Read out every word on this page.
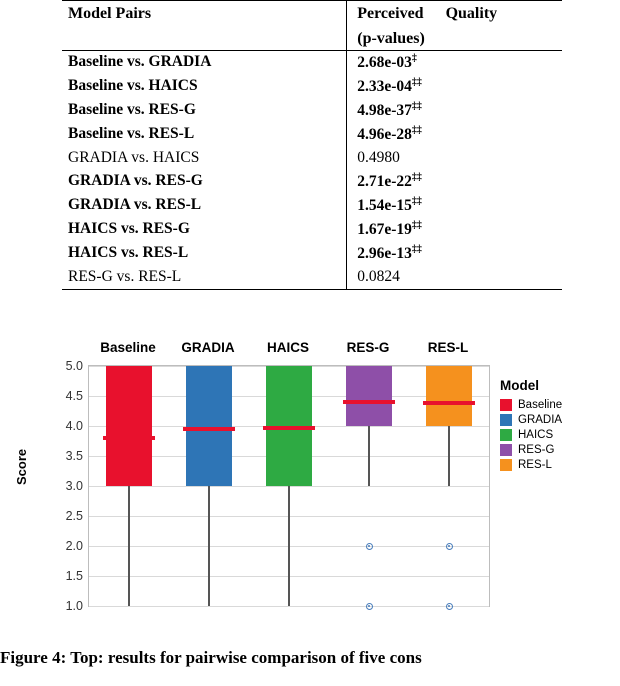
Model Pairs	Perceived Quality
	(p-values)
Baseline vs. GRADIA	2.68e-03‡
Baseline vs. HAICS	2.33e-04‡‡
Baseline vs. RES-G	4.98e-37‡‡
Baseline vs. RES-L	4.96e-28‡‡
GRADIA vs. HAICS	0.4980
GRADIA vs. RES-G	2.71e-22‡‡
GRADIA vs. RES-L	1.54e-15‡‡
HAICS vs. RES-G	1.67e-19‡‡
HAICS vs. RES-L	2.96e-13‡‡
RES-G vs. RES-L	0.0824
Baseline	GRADIA	HAICS	RES-G	RES-L
Score
1.0
1.5
2.0
2.5
3.0
3.5
4.0
4.5
5.0
Model
Baseline
GRADIA
HAICS
RES-G
RES-L
Figure 4: Top: results for pairwise comparison of five cons
